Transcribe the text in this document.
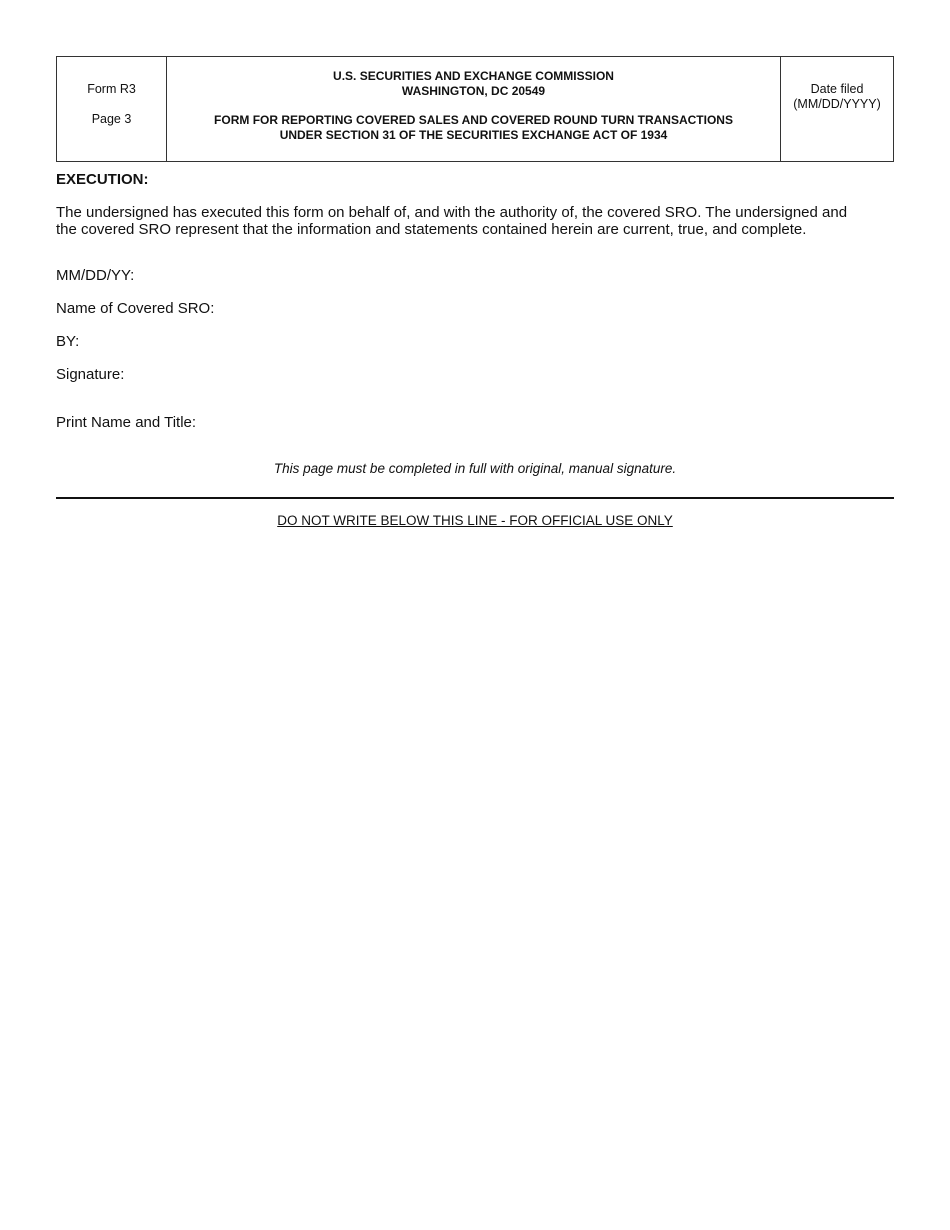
Form R3
Page 3
U.S. SECURITIES AND EXCHANGE COMMISSION
WASHINGTON, DC 20549
FORM FOR REPORTING COVERED SALES AND COVERED ROUND TURN TRANSACTIONS
UNDER SECTION 31 OF THE SECURITIES EXCHANGE ACT OF 1934
Date filed
(MM/DD/YYYY)
EXECUTION:
The undersigned has executed this form on behalf of, and with the authority of, the covered SRO. The undersigned and
the covered SRO represent that the information and statements contained herein are current, true, and complete.
MM/DD/YY:
Name of Covered SRO:
BY:
Signature:
Print Name and Title:
This page must be completed in full with original, manual signature.
DO NOT WRITE BELOW THIS LINE - FOR OFFICIAL USE ONLY
